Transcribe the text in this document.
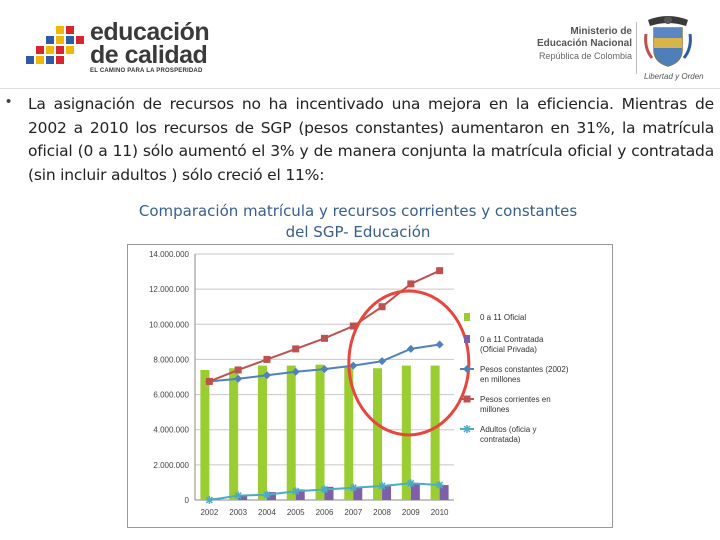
educación
de calidad
EL CAMINO PARA LA PROSPERIDAD
Ministerio de
Educación Nacional
República de Colombia
Libertad y Orden
• La asignación de recursos no ha incentivado una mejora en la eficiencia. Mientras de 2002 a 2010 los recursos de SGP (pesos constantes) aumentaron en 31%, la matrícula oficial (0 a 11) sólo aumentó el 3% y de manera conjunta la matrícula oficial y contratada (sin incluir adultos ) sólo creció el 11%:
Comparación matrícula y recursos corrientes y constantes del SGP- Educación
0
2.000.000
4.000.000
6.000.000
8.000.000
10.000.000
12.000.000
14.000.000
2002 2003 2004 2005 2006 2007 2008 2009 2010
0 a 11 Oficial
0 a 11 Contratada (Oficial Privada)
Pesos constantes (2002) en millones
Pesos corrientes en millones
Adultos (oficia y contratada)
